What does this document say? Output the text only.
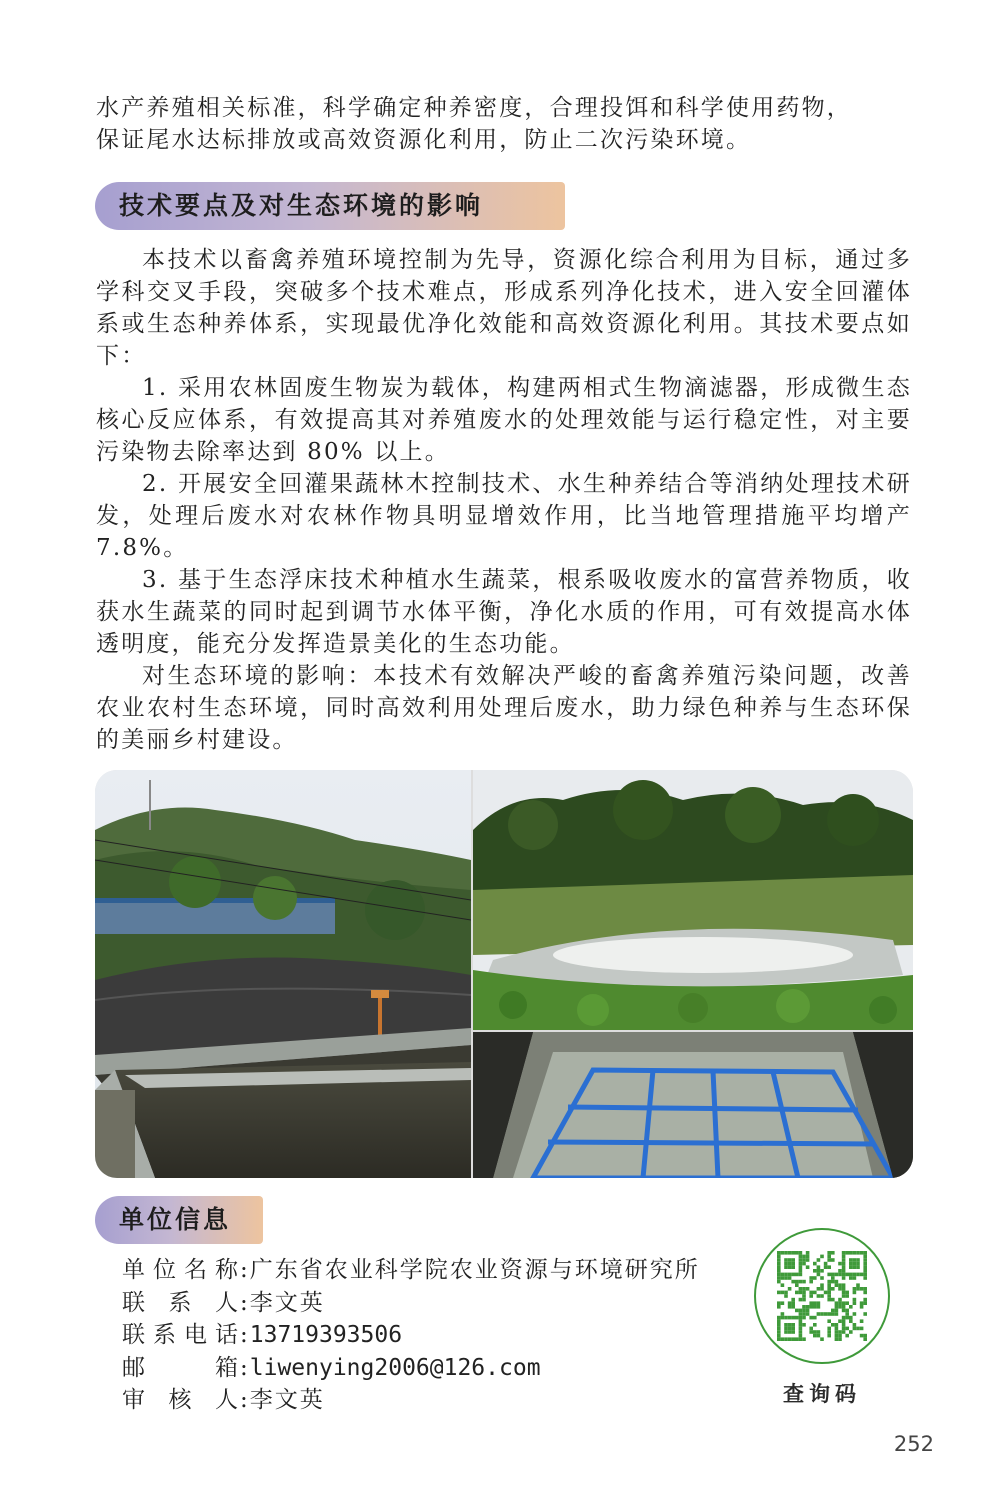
水产养殖相关标准，科学确定种养密度，合理投饵和科学使用药物，

保证尾水达标排放或高效资源化利用，防止二次污染环境。

技术要点及对生态环境的影响

本技术以畜禽养殖环境控制为先导，资源化综合利用为目标，通过多学科交叉手段，突破多个技术难点，形成系列净化技术，进入安全回灌体系或生态种养体系，实现最优净化效能和高效资源化利用。其技术要点如下：

1. 采用农林固废生物炭为载体，构建两相式生物滴滤器，形成微生态核心反应体系，有效提高其对养殖废水的处理效能与运行稳定性，对主要污染物去除率达到 80% 以上。

2. 开展安全回灌果蔬林木控制技术、水生种养结合等消纳处理技术研发，处理后废水对农林作物具明显增效作用，比当地管理措施平均增产 7.8%。

3. 基于生态浮床技术种植水生蔬菜，根系吸收废水的富营养物质，收获水生蔬菜的同时起到调节水体平衡，净化水质的作用，可有效提高水体透明度，能充分发挥造景美化的生态功能。

对生态环境的影响：本技术有效解决严峻的畜禽养殖污染问题，改善农业农村生态环境，同时高效利用处理后废水，助力绿色种养与生态环保的美丽乡村建设。

单位信息
单位名称 : 广东省农业科学院农业资源与环境研究所
联系人 : 李文英
联系电话 : 13719393506
邮箱 : liwenying2006@126.com
审核人 : 李文英	查询码
252
